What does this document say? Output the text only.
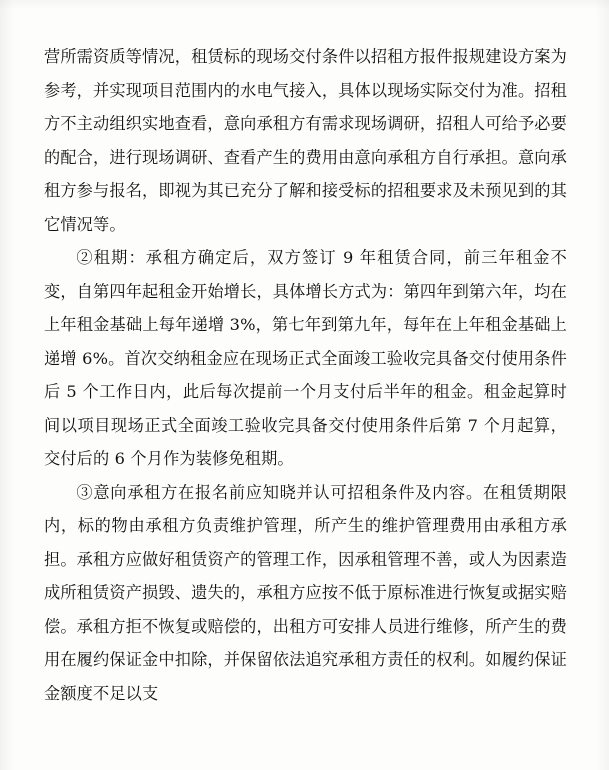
营所需资质等情况，租赁标的现场交付条件以招租方报件报规建设方案为参考，并实现项目范围内的水电气接入，具体以现场实际交付为准。招租方不主动组织实地查看，意向承租方有需求现场调研，招租人可给予必要的配合，进行现场调研、查看产生的费用由意向承租方自行承担。意向承租方参与报名，即视为其已充分了解和接受标的招租要求及未预见到的其它情况等。

②租期：承租方确定后，双方签订 9 年租赁合同，前三年租金不变，自第四年起租金开始增长，具体增长方式为：第四年到第六年，均在上年租金基础上每年递增 3%，第七年到第九年，每年在上年租金基础上递增 6%。首次交纳租金应在现场正式全面竣工验收完具备交付使用条件后 5 个工作日内，此后每次提前一个月支付后半年的租金。租金起算时间以项目现场正式全面竣工验收完具备交付使用条件后第 7 个月起算，交付后的 6 个月作为装修免租期。

③意向承租方在报名前应知晓并认可招租条件及内容。在租赁期限内，标的物由承租方负责维护管理，所产生的维护管理费用由承租方承担。承租方应做好租赁资产的管理工作，因承租管理不善，或人为因素造成所租赁资产损毁、遗失的，承租方应按不低于原标准进行恢复或据实赔偿。承租方拒不恢复或赔偿的，出租方可安排人员进行维修，所产生的费用在履约保证金中扣除，并保留依法追究承租方责任的权利。如履约保证金额度不足以支
